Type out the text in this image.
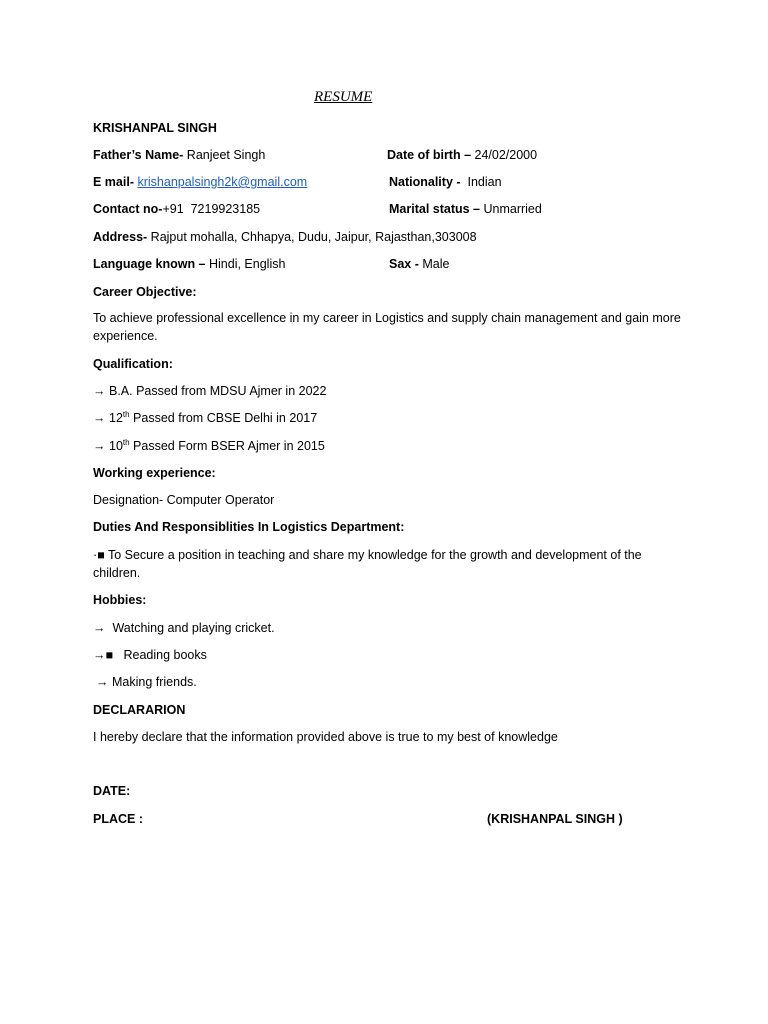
RESUME
KRISHANPAL SINGH
Father’s Name- Ranjeet Singh	Date of birth – 24/02/2000
E mail- krishanpalsingh2k@gmail.com	Nationality -  Indian
Contact no-+91  7219923185	Marital status – Unmarried
Address- Rajput mohalla, Chhapya, Dudu, Jaipur, Rajasthan,303008
Language known – Hindi, English	Sax - Male
Career Objective:
To achieve professional excellence in my career in Logistics and supply chain management and gain more experience.
Qualification:
→ B.A. Passed from MDSU Ajmer in 2022
→ 12th Passed from CBSE Delhi in 2017
→ 10th Passed Form BSER Ajmer in 2015
Working experience:
Designation- Computer Operator
Duties And Responsiblities In Logistics Department:
·■ To Secure a position in teaching and share my knowledge for the growth and development of the children.
Hobbies:
→  Watching and playing cricket.
→■   Reading books
→ Making friends.
DECLARARION
I hereby declare that the information provided above is true to my best of knowledge
DATE:
PLACE :	(KRISHANPAL SINGH )
